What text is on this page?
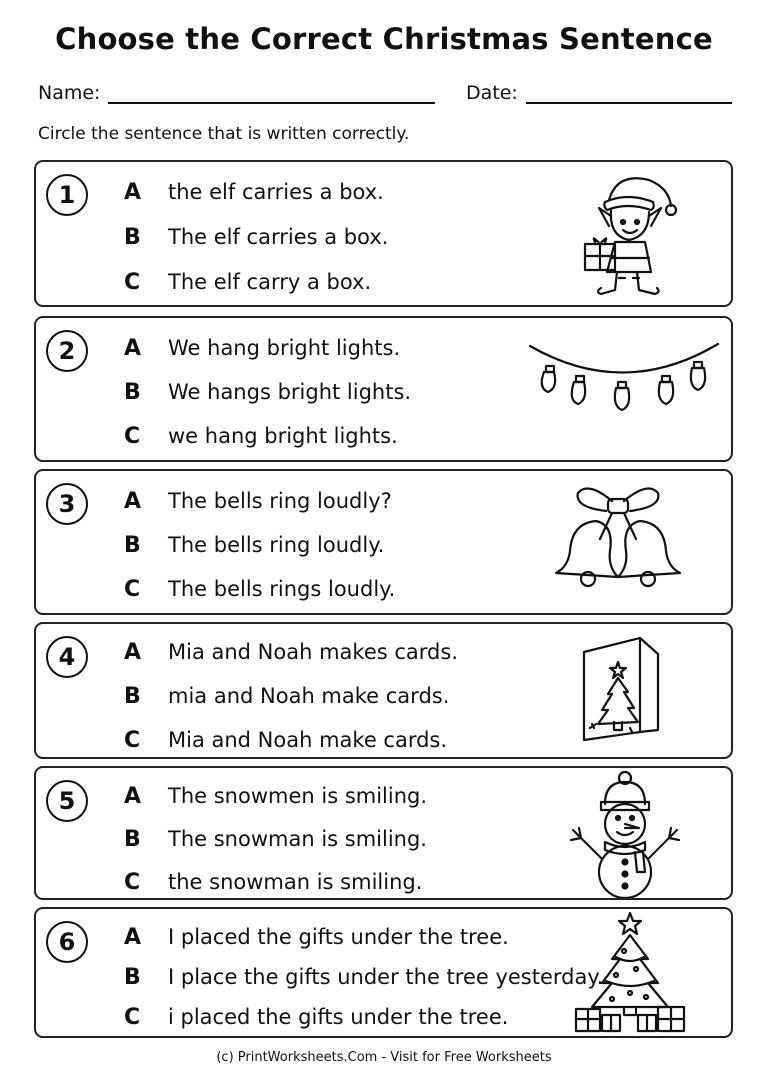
Choose the Correct Christmas Sentence
Name:	Date:
Circle the sentence that is written correctly.
1	A	the elf carries a box.
B	The elf carries a box.
C	The elf carry a box.
2	A	We hang bright lights.
B	We hangs bright lights.
C	we hang bright lights.
3	A	The bells ring loudly?
B	The bells ring loudly.
C	The bells rings loudly.
4	A	Mia and Noah makes cards.
B	mia and Noah make cards.
C	Mia and Noah make cards.
5	A	The snowmen is smiling.
B	The snowman is smiling.
C	the snowman is smiling.
6	A	I placed the gifts under the tree.
B	I place the gifts under the tree yesterday.
C	i placed the gifts under the tree.
(c) PrintWorksheets.Com - Visit for Free Worksheets
